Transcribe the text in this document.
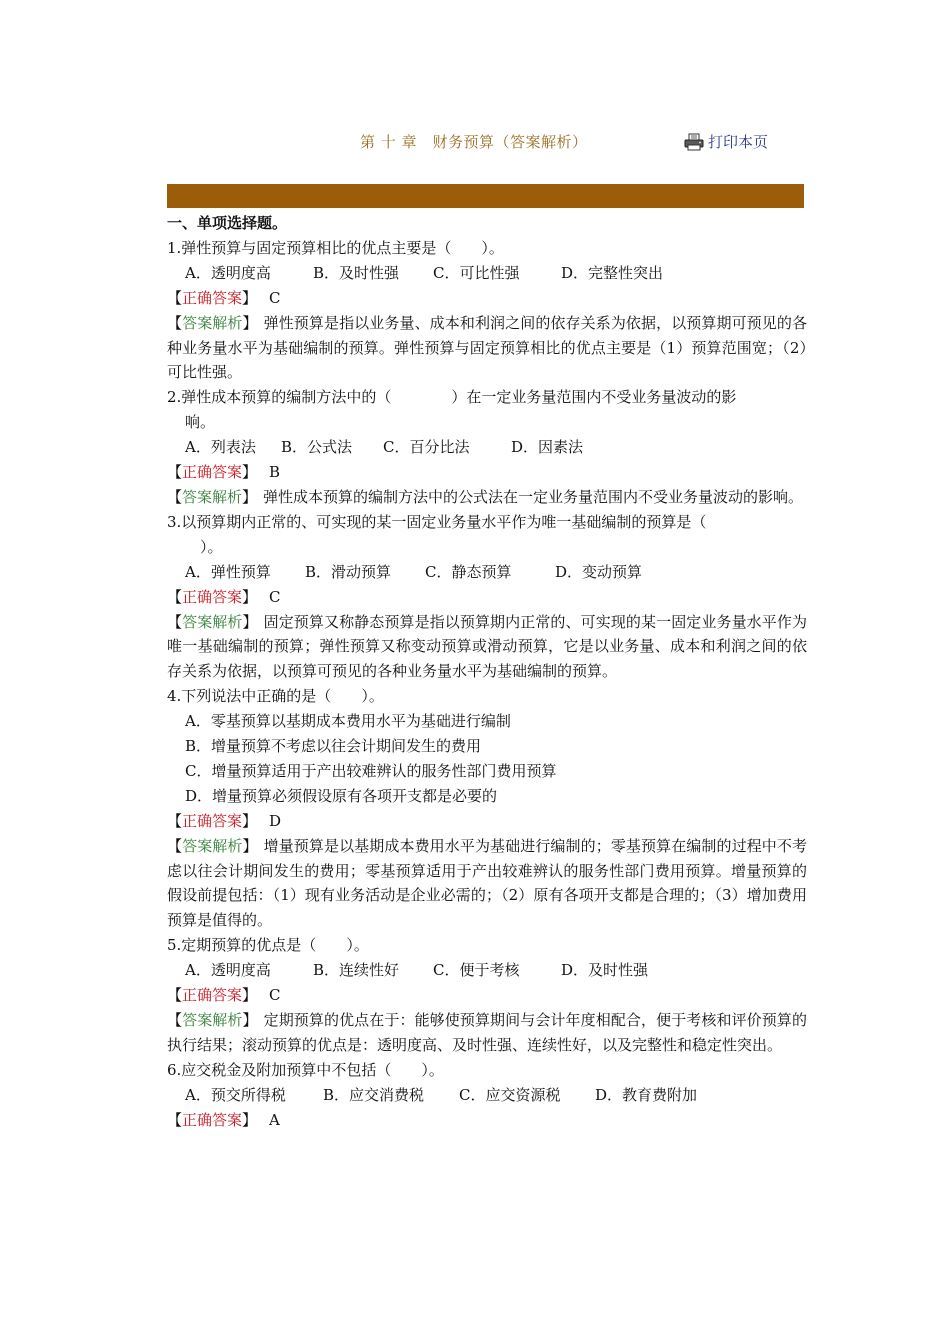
第 十 章　财务预算（答案解析）	打印本页
一、单项选择题。
1.弹性预算与固定预算相比的优点主要是（　　）。
A．透明度高	B．及时性强 C．可比性强	D．完整性突出
【正确答案】 C
【答案解析】 弹性预算是指以业务量、成本和利润之间的依存关系为依据，以预算期可预见的各种业务量水平为基础编制的预算。弹性预算与固定预算相比的优点主要是（1）预算范围宽；（2）可比性强。
2.弹性成本预算的编制方法中的（　　　　）在一定业务量范围内不受业务量波动的影
响。
A．列表法 B．公式法 C．百分比法	D．因素法
【正确答案】 B
【答案解析】 弹性成本预算的编制方法中的公式法在一定业务量范围内不受业务量波动的影响。
3.以预算期内正常的、可实现的某一固定业务量水平作为唯一基础编制的预算是（
　）。
A．弹性预算 B．滑动预算 C．静态预算	D．变动预算
【正确答案】 C
【答案解析】 固定预算又称静态预算是指以预算期内正常的、可实现的某一固定业务量水平作为唯一基础编制的预算；弹性预算又称变动预算或滑动预算，它是以业务量、成本和利润之间的依存关系为依据，以预算可预见的各种业务量水平为基础编制的预算。
4.下列说法中正确的是（　　）。
A．零基预算以基期成本费用水平为基础进行编制
B．增量预算不考虑以往会计期间发生的费用
C．增量预算适用于产出较难辨认的服务性部门费用预算
D．增量预算必须假设原有各项开支都是必要的
【正确答案】 D
【答案解析】 增量预算是以基期成本费用水平为基础进行编制的；零基预算在编制的过程中不考虑以往会计期间发生的费用；零基预算适用于产出较难辨认的服务性部门费用预算。增量预算的假设前提包括：（1）现有业务活动是企业必需的；（2）原有各项开支都是合理的；（3）增加费用预算是值得的。
5.定期预算的优点是（　　）。
A．透明度高	B．连续性好 C．便于考核	D．及时性强
【正确答案】 C
【答案解析】 定期预算的优点在于：能够使预算期间与会计年度相配合，便于考核和评价预算的执行结果；滚动预算的优点是：透明度高、及时性强、连续性好，以及完整性和稳定性突出。
6.应交税金及附加预算中不包括（　　）。
A．预交所得税 B．应交消费税 C．应交资源税 D．教育费附加
【正确答案】 A
